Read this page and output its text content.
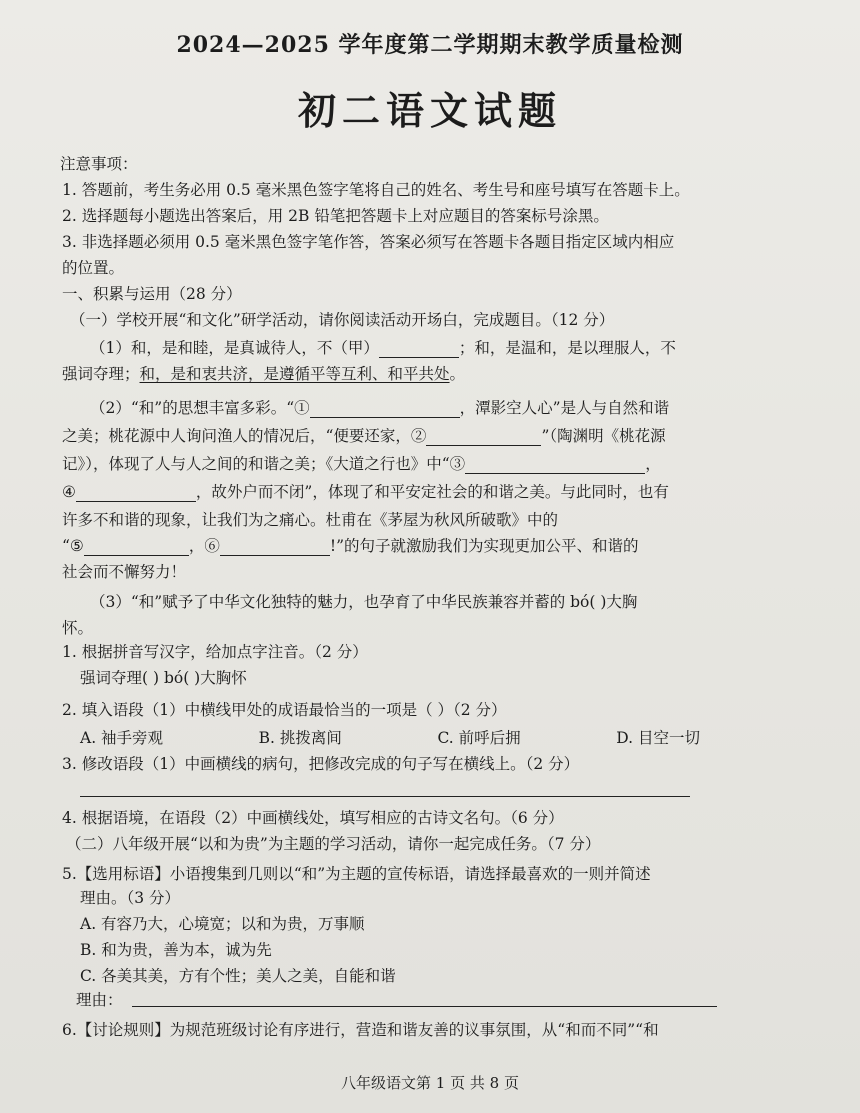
2024—2025 学年度第二学期期末教学质量检测
初二语文试题
注意事项：
1. 答题前，考生务必用 0.5 毫米黑色签字笔将自己的姓名、考生号和座号填写在答题卡上。
2. 选择题每小题选出答案后，用 2B 铅笔把答题卡上对应题目的答案标号涂黑。
3. 非选择题必须用 0.5 毫米黑色签字笔作答，答案必须写在答题卡各题目指定区域内相应
的位置。
一、积累与运用（28 分）
（一）学校开展“和文化”研学活动，请你阅读活动开场白，完成题目。（12 分）
（1）和，是和睦，是真诚待人，不（甲）	；和，是温和，是以理服人，不
强词夺理；和，是和衷共济，是遵循平等互利、和平共处。
（2）“和”的思想丰富多彩。“①	，潭影空人心”是人与自然和谐
之美；桃花源中人询问渔人的情况后，“便要还家，②	”（陶渊明《桃花源
记》），体现了人与人之间的和谐之美；《大道之行也》中“③	，
④	，故外户而不闭”，体现了和平安定社会的和谐之美。与此同时，也有
许多不和谐的现象，让我们为之痛心。杜甫在《茅屋为秋风所破歌》中的
“⑤	，⑥	!”的句子就激励我们为实现更加公平、和谐的
社会而不懈努力！
（3）“和”赋予了中华文化独特的魅力，也孕育了中华民族兼容并蓄的 bó( )大胸
怀。
1. 根据拼音写汉字，给加点字注音。（2 分）
强词夺理( ) bó( )大胸怀
2. 填入语段（1）中横线甲处的成语最恰当的一项是（ ）（2 分）
A. 袖手旁观	B. 挑拨离间	C. 前呼后拥	D. 目空一切
3. 修改语段（1）中画横线的病句，把修改完成的句子写在横线上。（2 分）
4. 根据语境，在语段（2）中画横线处，填写相应的古诗文名句。（6 分）
（二）八年级开展“以和为贵”为主题的学习活动，请你一起完成任务。（7 分）
5.【选用标语】小语搜集到几则以“和”为主题的宣传标语，请选择最喜欢的一则并简述
理由。（3 分）
A. 有容乃大，心境宽；以和为贵，万事顺
B. 和为贵，善为本，诚为先
C. 各美其美，方有个性；美人之美，自能和谐
理由：
6.【讨论规则】为规范班级讨论有序进行，营造和谐友善的议事氛围，从“和而不同”“和
八年级语文第 1 页 共 8 页
